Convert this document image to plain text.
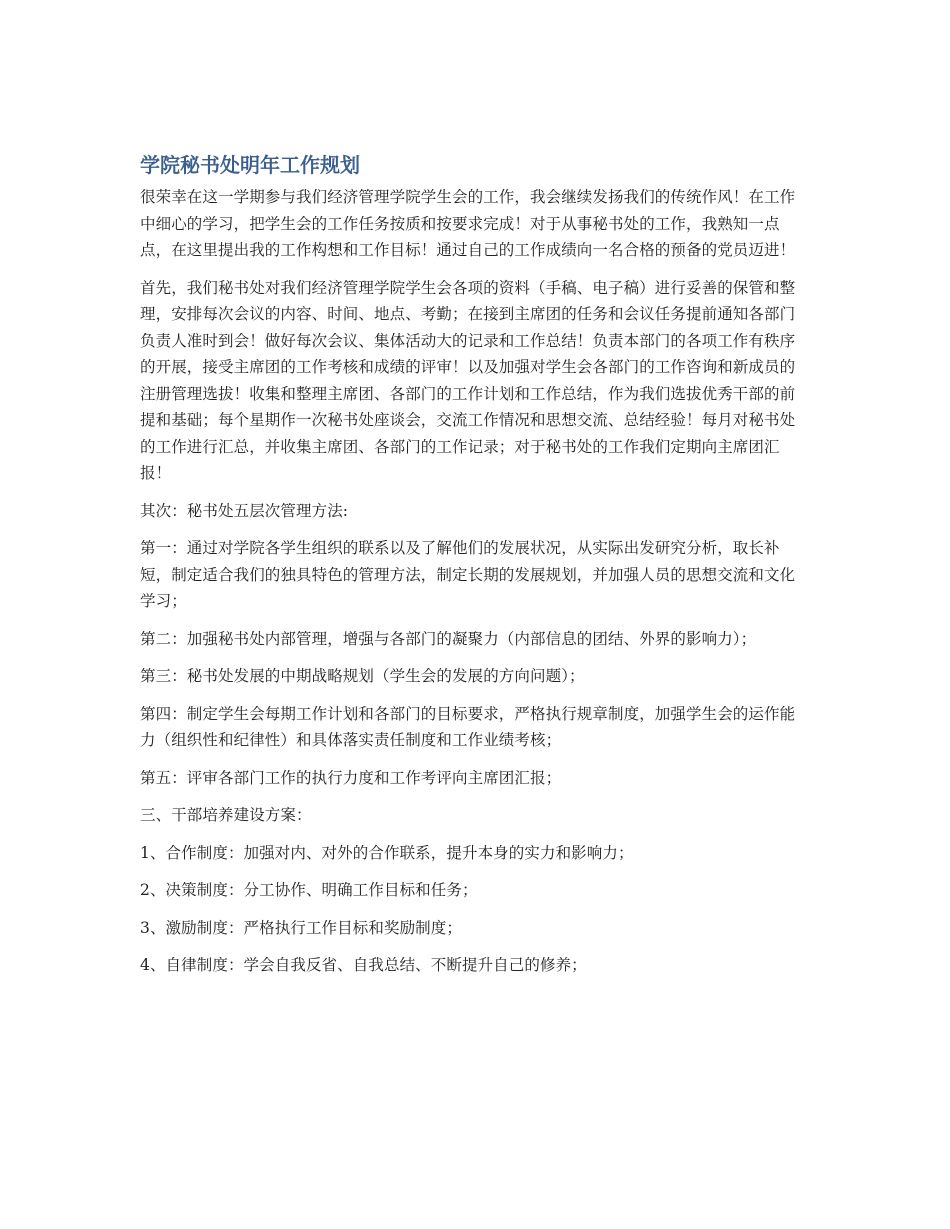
学院秘书处明年工作规划

很荣幸在这一学期参与我们经济管理学院学生会的工作，我会继续发扬我们的传统作风！在工作中细心的学习，把学生会的工作任务按质和按要求完成！对于从事秘书处的工作，我熟知一点点，在这里提出我的工作构想和工作目标！通过自己的工作成绩向一名合格的预备的党员迈进！

首先，我们秘书处对我们经济管理学院学生会各项的资料（手稿、电子稿）进行妥善的保管和整理，安排每次会议的内容、时间、地点、考勤；在接到主席团的任务和会议任务提前通知各部门负责人准时到会！做好每次会议、集体活动大的记录和工作总结！负责本部门的各项工作有秩序的开展，接受主席团的工作考核和成绩的评审！以及加强对学生会各部门的工作咨询和新成员的注册管理选拔！收集和整理主席团、各部门的工作计划和工作总结，作为我们选拔优秀干部的前提和基础；每个星期作一次秘书处座谈会，交流工作情况和思想交流、总结经验！每月对秘书处的工作进行汇总，并收集主席团、各部门的工作记录；对于秘书处的工作我们定期向主席团汇报！

其次：秘书处五层次管理方法:

第一：通过对学院各学生组织的联系以及了解他们的发展状况，从实际出发研究分析，取长补短，制定适合我们的独具特色的管理方法，制定长期的发展规划，并加强人员的思想交流和文化学习；

第二：加强秘书处内部管理，增强与各部门的凝聚力（内部信息的团结、外界的影响力）；

第三：秘书处发展的中期战略规划（学生会的发展的方向问题）；

第四：制定学生会每期工作计划和各部门的目标要求，严格执行规章制度，加强学生会的运作能力（组织性和纪律性）和具体落实责任制度和工作业绩考核；

第五：评审各部门工作的执行力度和工作考评向主席团汇报；

三、干部培养建设方案：

1、合作制度：加强对内、对外的合作联系，提升本身的实力和影响力；

2、决策制度：分工协作、明确工作目标和任务；

3、激励制度：严格执行工作目标和奖励制度；

4、自律制度：学会自我反省、自我总结、不断提升自己的修养；
